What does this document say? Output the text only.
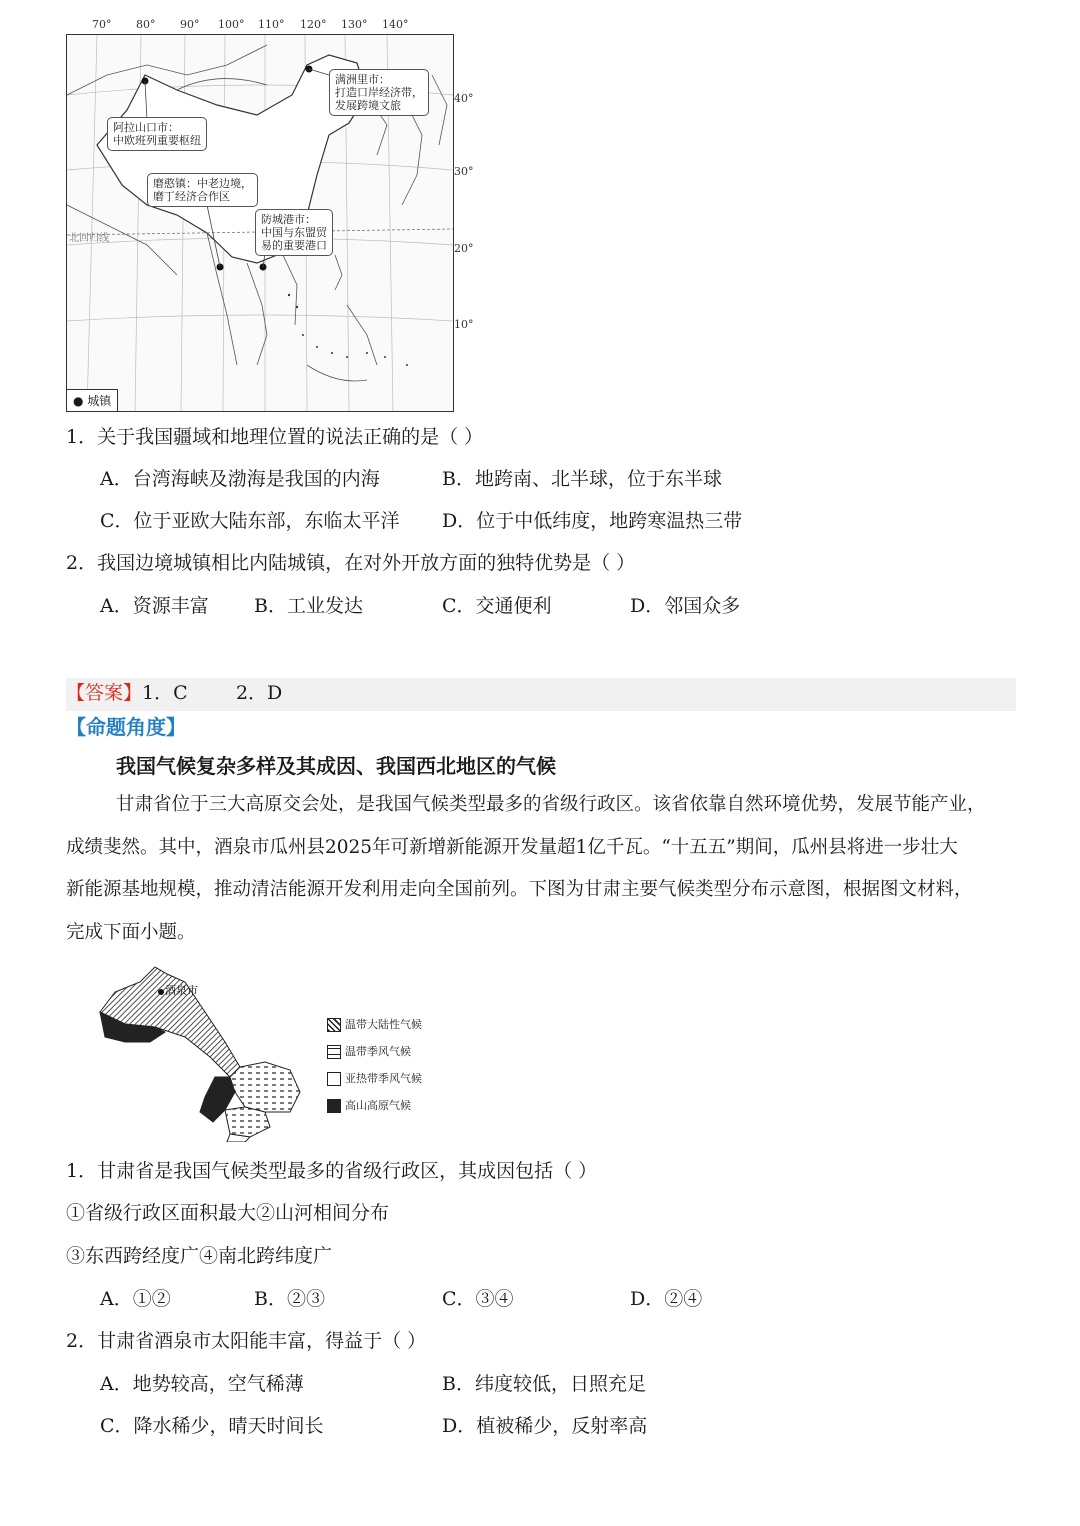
70° 80° 90° 100° 110° 120° 130° 140°
40°
30°
20°
10°
满洲里市：
打造口岸经济带，
发展跨境文旅
阿拉山口市：
中欧班列重要枢纽
磨憨镇：中老边境，
磨丁经济合作区
防城港市：
中国与东盟贸
易的重要港口
北回归线
● 城镇
1．关于我国疆域和地理位置的说法正确的是（ ）
A．台湾海峡及渤海是我国的内海	B．地跨南、北半球，位于东半球
C．位于亚欧大陆东部，东临太平洋 D．位于中低纬度，地跨寒温热三带
2．我国边境城镇相比内陆城镇，在对外开放方面的独特优势是（ ）
A．资源丰富 B．工业发达	C．交通便利	D．邻国众多
【答案】1．C        2．D
【命题角度】
我国气候复杂多样及其成因、我国西北地区的气候
甘肃省位于三大高原交会处，是我国气候类型最多的省级行政区。该省依靠自然环境优势，发展节能产业，
成绩斐然。其中，酒泉市瓜州县2025年可新增新能源开发量超1亿千瓦。“十五五”期间，瓜州县将进一步壮大
新能源基地规模，推动清洁能源开发利用走向全国前列。下图为甘肃主要气候类型分布示意图，根据图文材料，
完成下面小题。
酒泉市
温带大陆性气候
温带季风气候
亚热带季风气候
高山高原气候
1．甘肃省是我国气候类型最多的省级行政区，其成因包括（ ）
①省级行政区面积最大②山河相间分布
③东西跨经度广④南北跨纬度广
A．①②	B．②③	C．③④	D．②④
2．甘肃省酒泉市太阳能丰富，得益于（ ）
A．地势较高，空气稀薄	B．纬度较低，日照充足
C．降水稀少，晴天时间长	D．植被稀少，反射率高
